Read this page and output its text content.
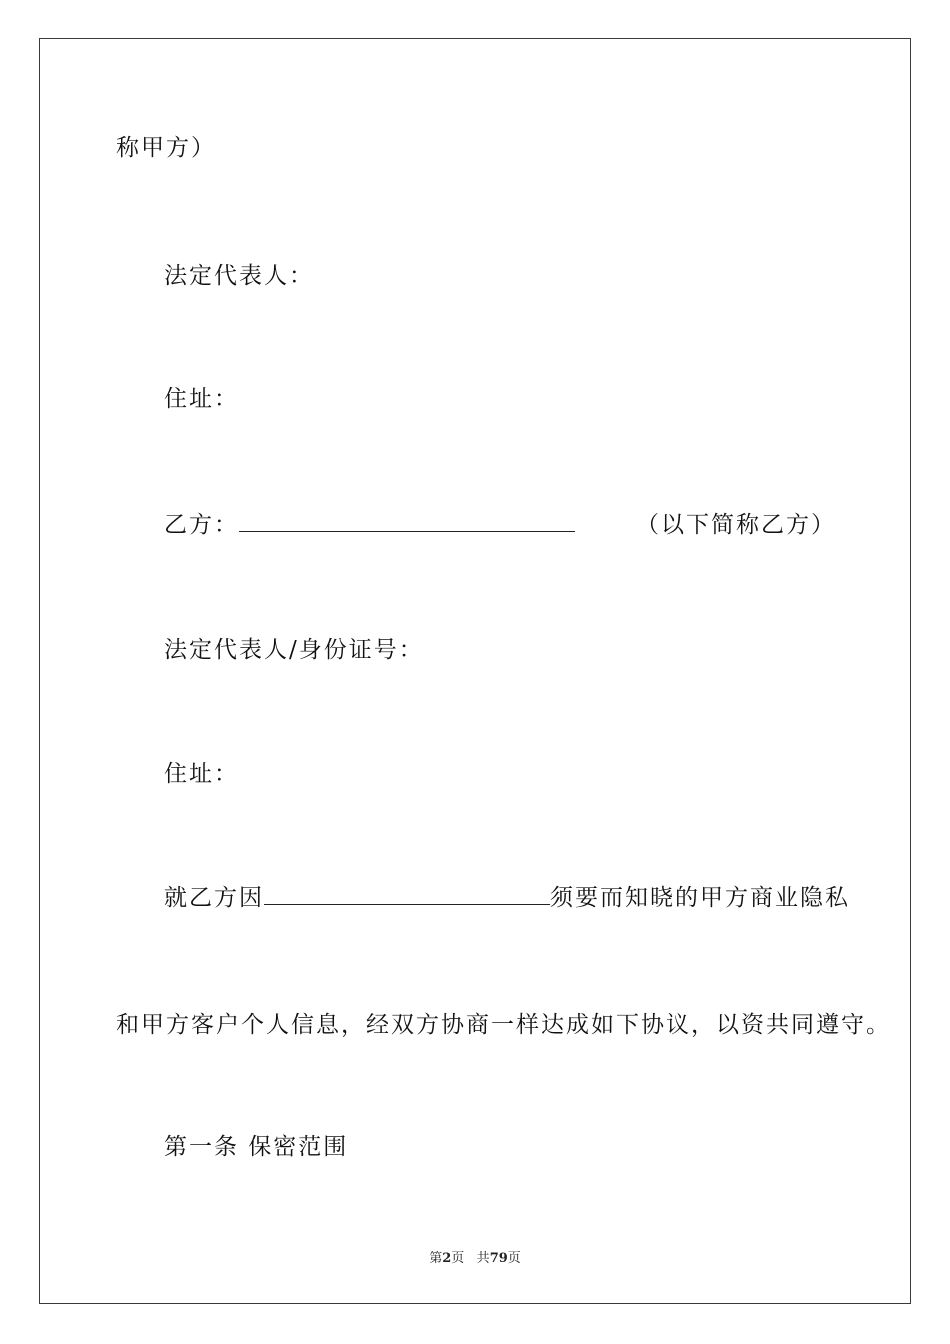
称甲方）
法定代表人：
住址：
乙方：	（以下简称乙方）
法定代表人/身份证号：
住址：
就乙方因	须要而知晓的甲方商业隐私
和甲方客户个人信息，经双方协商一样达成如下协议，以资共同遵守。
第一条 保密范围
第2页 共79页
